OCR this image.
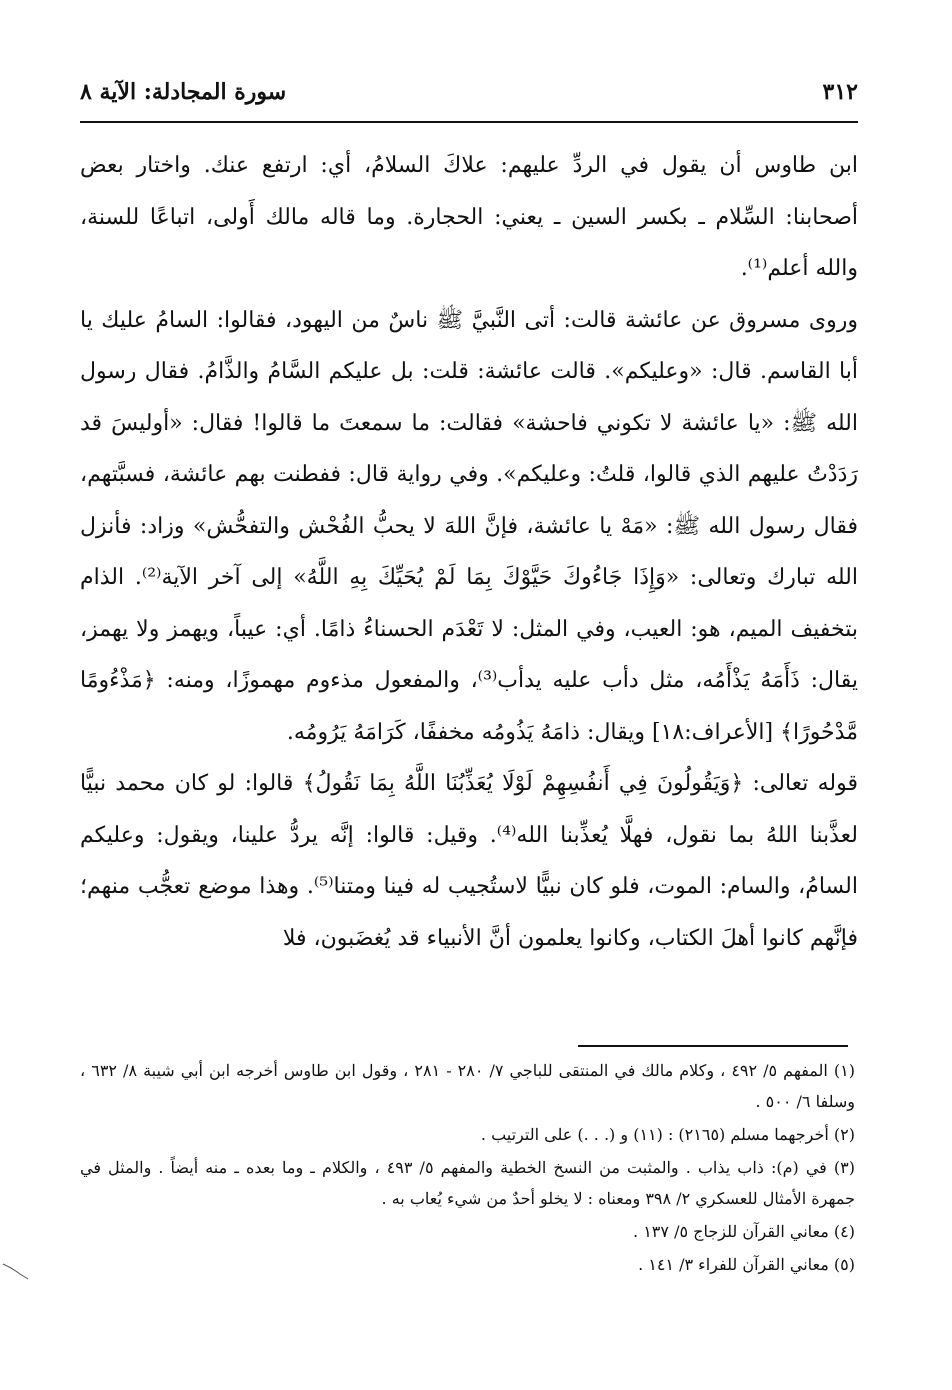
٣١٢
سورة المجادلة: الآية ٨

ابن طاوس أن يقول في الردِّ عليهم: علاكَ السلامُ، أي: ارتفع عنك. واختار بعض أصحابنا: السِّلام ـ بكسر السين ـ يعني: الحجارة. وما قاله مالك أَولى، اتباعًا للسنة، والله أعلم⁽¹⁾.

وروى مسروق عن عائشة قالت: أتى النَّبيَّ ﷺ ناسٌ من اليهود، فقالوا: السامُ عليك يا أبا القاسم. قال: «وعليكم». قالت عائشة: قلت: بل عليكم السَّامُ والذَّامُ. فقال رسول الله ﷺ: «يا عائشة لا تكوني فاحشة» فقالت: ما سمعتَ ما قالوا! فقال: «أوليسَ قد رَدَدْتُ عليهم الذي قالوا، قلتُ: وعليكم». وفي رواية قال: ففطنت بهم عائشة، فسبَّتهم، فقال رسول الله ﷺ: «مَهْ يا عائشة، فإنَّ اللهَ لا يحبُّ الفُحْش والتفحُّش» وزاد: فأنزل الله تبارك وتعالى: «وَإِذَا جَاءُوكَ حَيَّوْكَ بِمَا لَمْ يُحَيِّكَ بِهِ اللَّهُ» إلى آخر الآية⁽²⁾. الذام بتخفيف الميم، هو: العيب، وفي المثل: لا تَعْدَم الحسناءُ ذامًا. أي: عيباً، ويهمز ولا يهمز، يقال: ذَأَمَهُ يَذْأَمُه، مثل دأب عليه يدأب⁽³⁾، والمفعول مذءوم مهموزًا، ومنه: ﴿مَذْءُومًا مَّدْحُورًا﴾ [الأعراف:١٨] ويقال: ذامَهُ يَذُومُه مخففًا، كَرَامَهُ يَرُومُه.

قوله تعالى: ﴿وَيَقُولُونَ فِي أَنفُسِهِمْ لَوْلَا يُعَذِّبُنَا اللَّهُ بِمَا نَقُولُ﴾ قالوا: لو كان محمد نبيًّا لعذَّبنا اللهُ بما نقول، فهلَّا يُعذِّبنا الله⁽⁴⁾. وقيل: قالوا: إنَّه يردُّ علينا، ويقول: وعليكم السامُ، والسام: الموت، فلو كان نبيًّا لاستُجيب له فينا ومتنا⁽⁵⁾. وهذا موضع تعجُّب منهم؛ فإنَّهم كانوا أهلَ الكتاب، وكانوا يعلمون أنَّ الأنبياء قد يُغضَبون، فلا

(١) المفهم ٥/ ٤٩٢ ، وكلام مالك في المنتقى للباجي ٧/ ٢٨٠ - ٢٨١ ، وقول ابن طاوس أخرجه ابن أبي شيبة ٨/ ٦٣٢ ، وسلفا ٦/ ٥٠٠ .

(٢) أخرجهما مسلم (٢١٦٥) : (١١) و (. . .) على الترتيب .

(٣) في (م): ذاب يذاب . والمثبت من النسخ الخطية والمفهم ٥/ ٤٩٣ ، والكلام ـ وما بعده ـ منه أيضاً . والمثل في جمهرة الأمثال للعسكري ٢/ ٣٩٨ ومعناه : لا يخلو أحدٌ من شيء يُعاب به .

(٤) معاني القرآن للزجاج ٥/ ١٣٧ .

(٥) معاني القرآن للفراء ٣/ ١٤١ .
